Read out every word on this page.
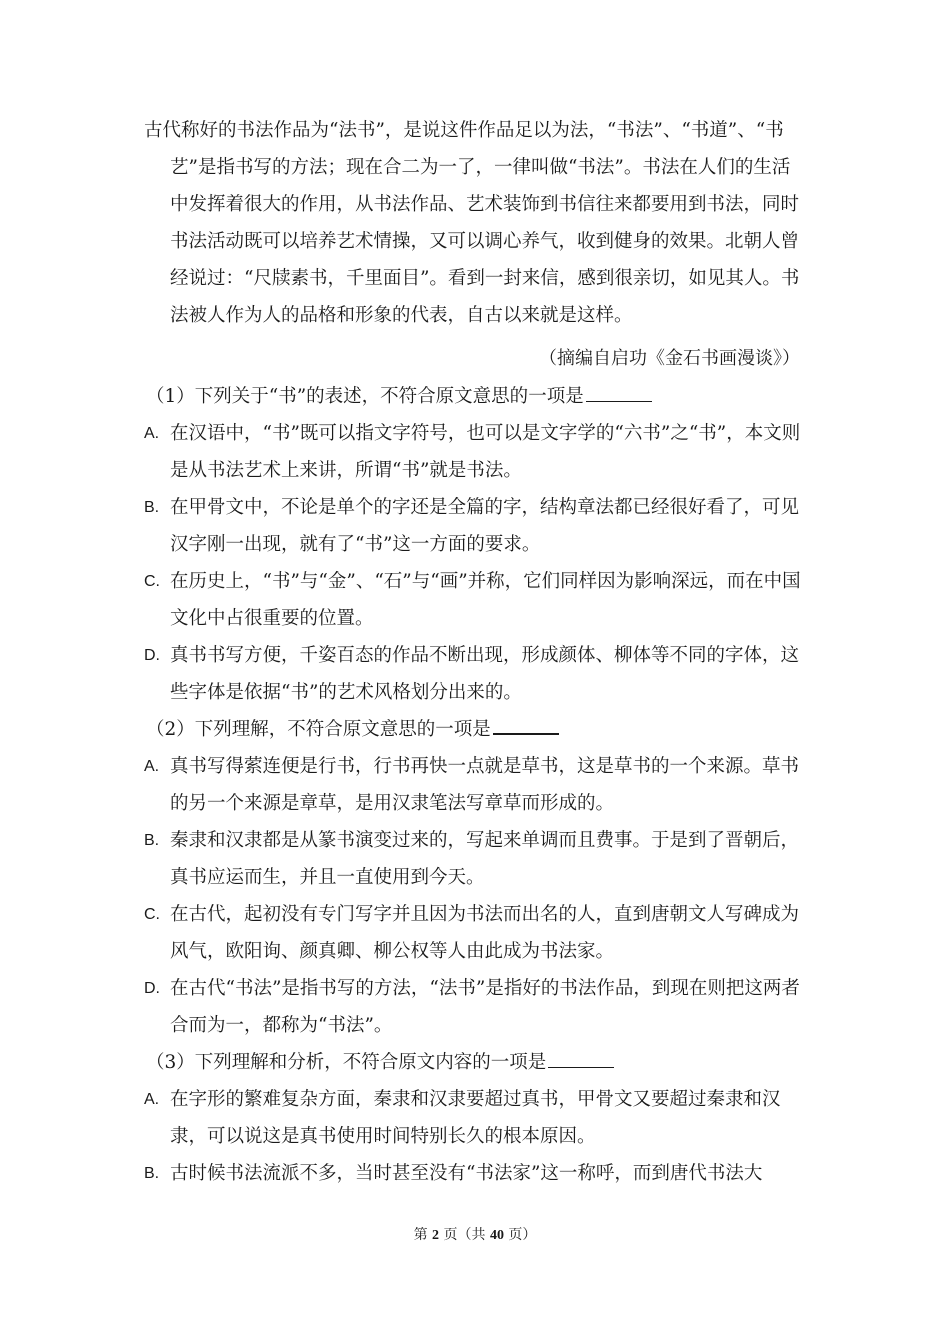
古代称好的书法作品为“法书”，是说这件作品足以为法，“书法”、“书道”、“书艺”是指书写的方法；现在合二为一了，一律叫做“书法”。书法在人们的生活中发挥着很大的作用，从书法作品、艺术装饰到书信往来都要用到书法，同时书法活动既可以培养艺术情操，又可以调心养气，收到健身的效果。北朝人曾经说过：“尺牍素书，千里面目”。看到一封来信，感到很亲切，如见其人。书法被人作为人的品格和形象的代表，自古以来就是这样。

（摘编自启功《金石书画漫谈》）

（1）下列关于“书”的表述，不符合原文意思的一项是

A. 在汉语中，“书”既可以指文字符号，也可以是文字学的“六书”之“书”，本文则是从书法艺术上来讲，所谓“书”就是书法。

B. 在甲骨文中，不论是单个的字还是全篇的字，结构章法都已经很好看了，可见汉字刚一出现，就有了“书”这一方面的要求。

C. 在历史上，“书”与“金”、“石”与“画”并称，它们同样因为影响深远，而在中国文化中占很重要的位置。

D. 真书书写方便，千姿百态的作品不断出现，形成颜体、柳体等不同的字体，这些字体是依据“书”的艺术风格划分出来的。

（2）下列理解，不符合原文意思的一项是

A. 真书写得萦连便是行书，行书再快一点就是草书，这是草书的一个来源。草书的另一个来源是章草，是用汉隶笔法写章草而形成的。

B. 秦隶和汉隶都是从篆书演变过来的，写起来单调而且费事。于是到了晋朝后，真书应运而生，并且一直使用到今天。

C. 在古代，起初没有专门写字并且因为书法而出名的人，直到唐朝文人写碑成为风气，欧阳询、颜真卿、柳公权等人由此成为书法家。

D. 在古代“书法”是指书写的方法，“法书”是指好的书法作品，到现在则把这两者合而为一，都称为“书法”。

（3）下列理解和分析，不符合原文内容的一项是

A. 在字形的繁难复杂方面，秦隶和汉隶要超过真书，甲骨文又要超过秦隶和汉隶，可以说这是真书使用时间特别长久的根本原因。

B. 古时候书法流派不多，当时甚至没有“书法家”这一称呼，而到唐代书法大

第 2 页（共 40 页）
